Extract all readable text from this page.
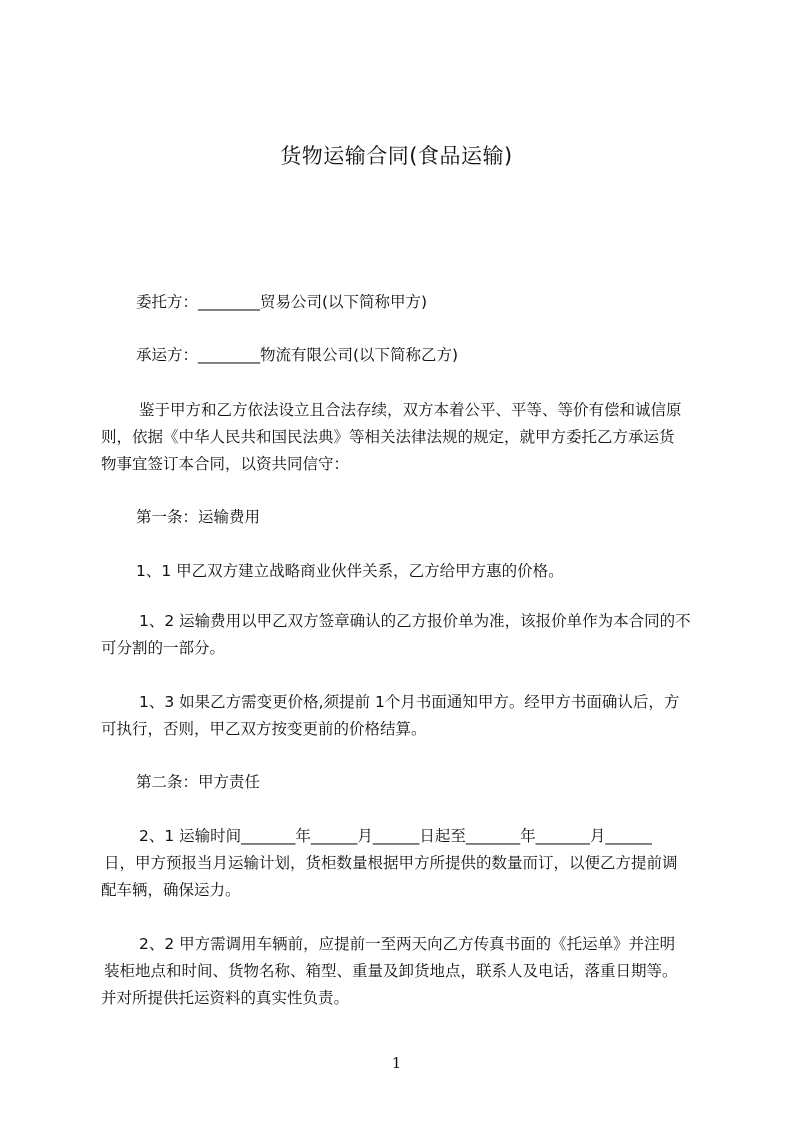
货物运输合同(食品运输)
委托方：________贸易公司(以下简称甲方)
承运方：________物流有限公司(以下简称乙方)
鉴于甲方和乙方依法设立且合法存续，双方本着公平、平等、等价有偿和诚信原
则，依据《中华人民共和国民法典》等相关法律法规的规定，就甲方委托乙方承运货
物事宜签订本合同，以资共同信守：
第一条：运输费用
1、1 甲乙双方建立战略商业伙伴关系，乙方给甲方惠的价格。
1、2 运输费用以甲乙双方签章确认的乙方报价单为准，该报价单作为本合同的不
可分割的一部分。
1、3 如果乙方需变更价格,须提前 1个月书面通知甲方。经甲方书面确认后，方
可执行，否则，甲乙双方按变更前的价格结算。
第二条：甲方责任
2、1 运输时间_______年______月______日起至_______年_______月______
日，甲方预报当月运输计划，货柜数量根据甲方所提供的数量而订，以便乙方提前调
配车辆，确保运力。
2、2 甲方需调用车辆前，应提前一至两天向乙方传真书面的《托运单》并注明
装柜地点和时间、货物名称、箱型、重量及卸货地点，联系人及电话，落重日期等。
并对所提供托运资料的真实性负责。
1
